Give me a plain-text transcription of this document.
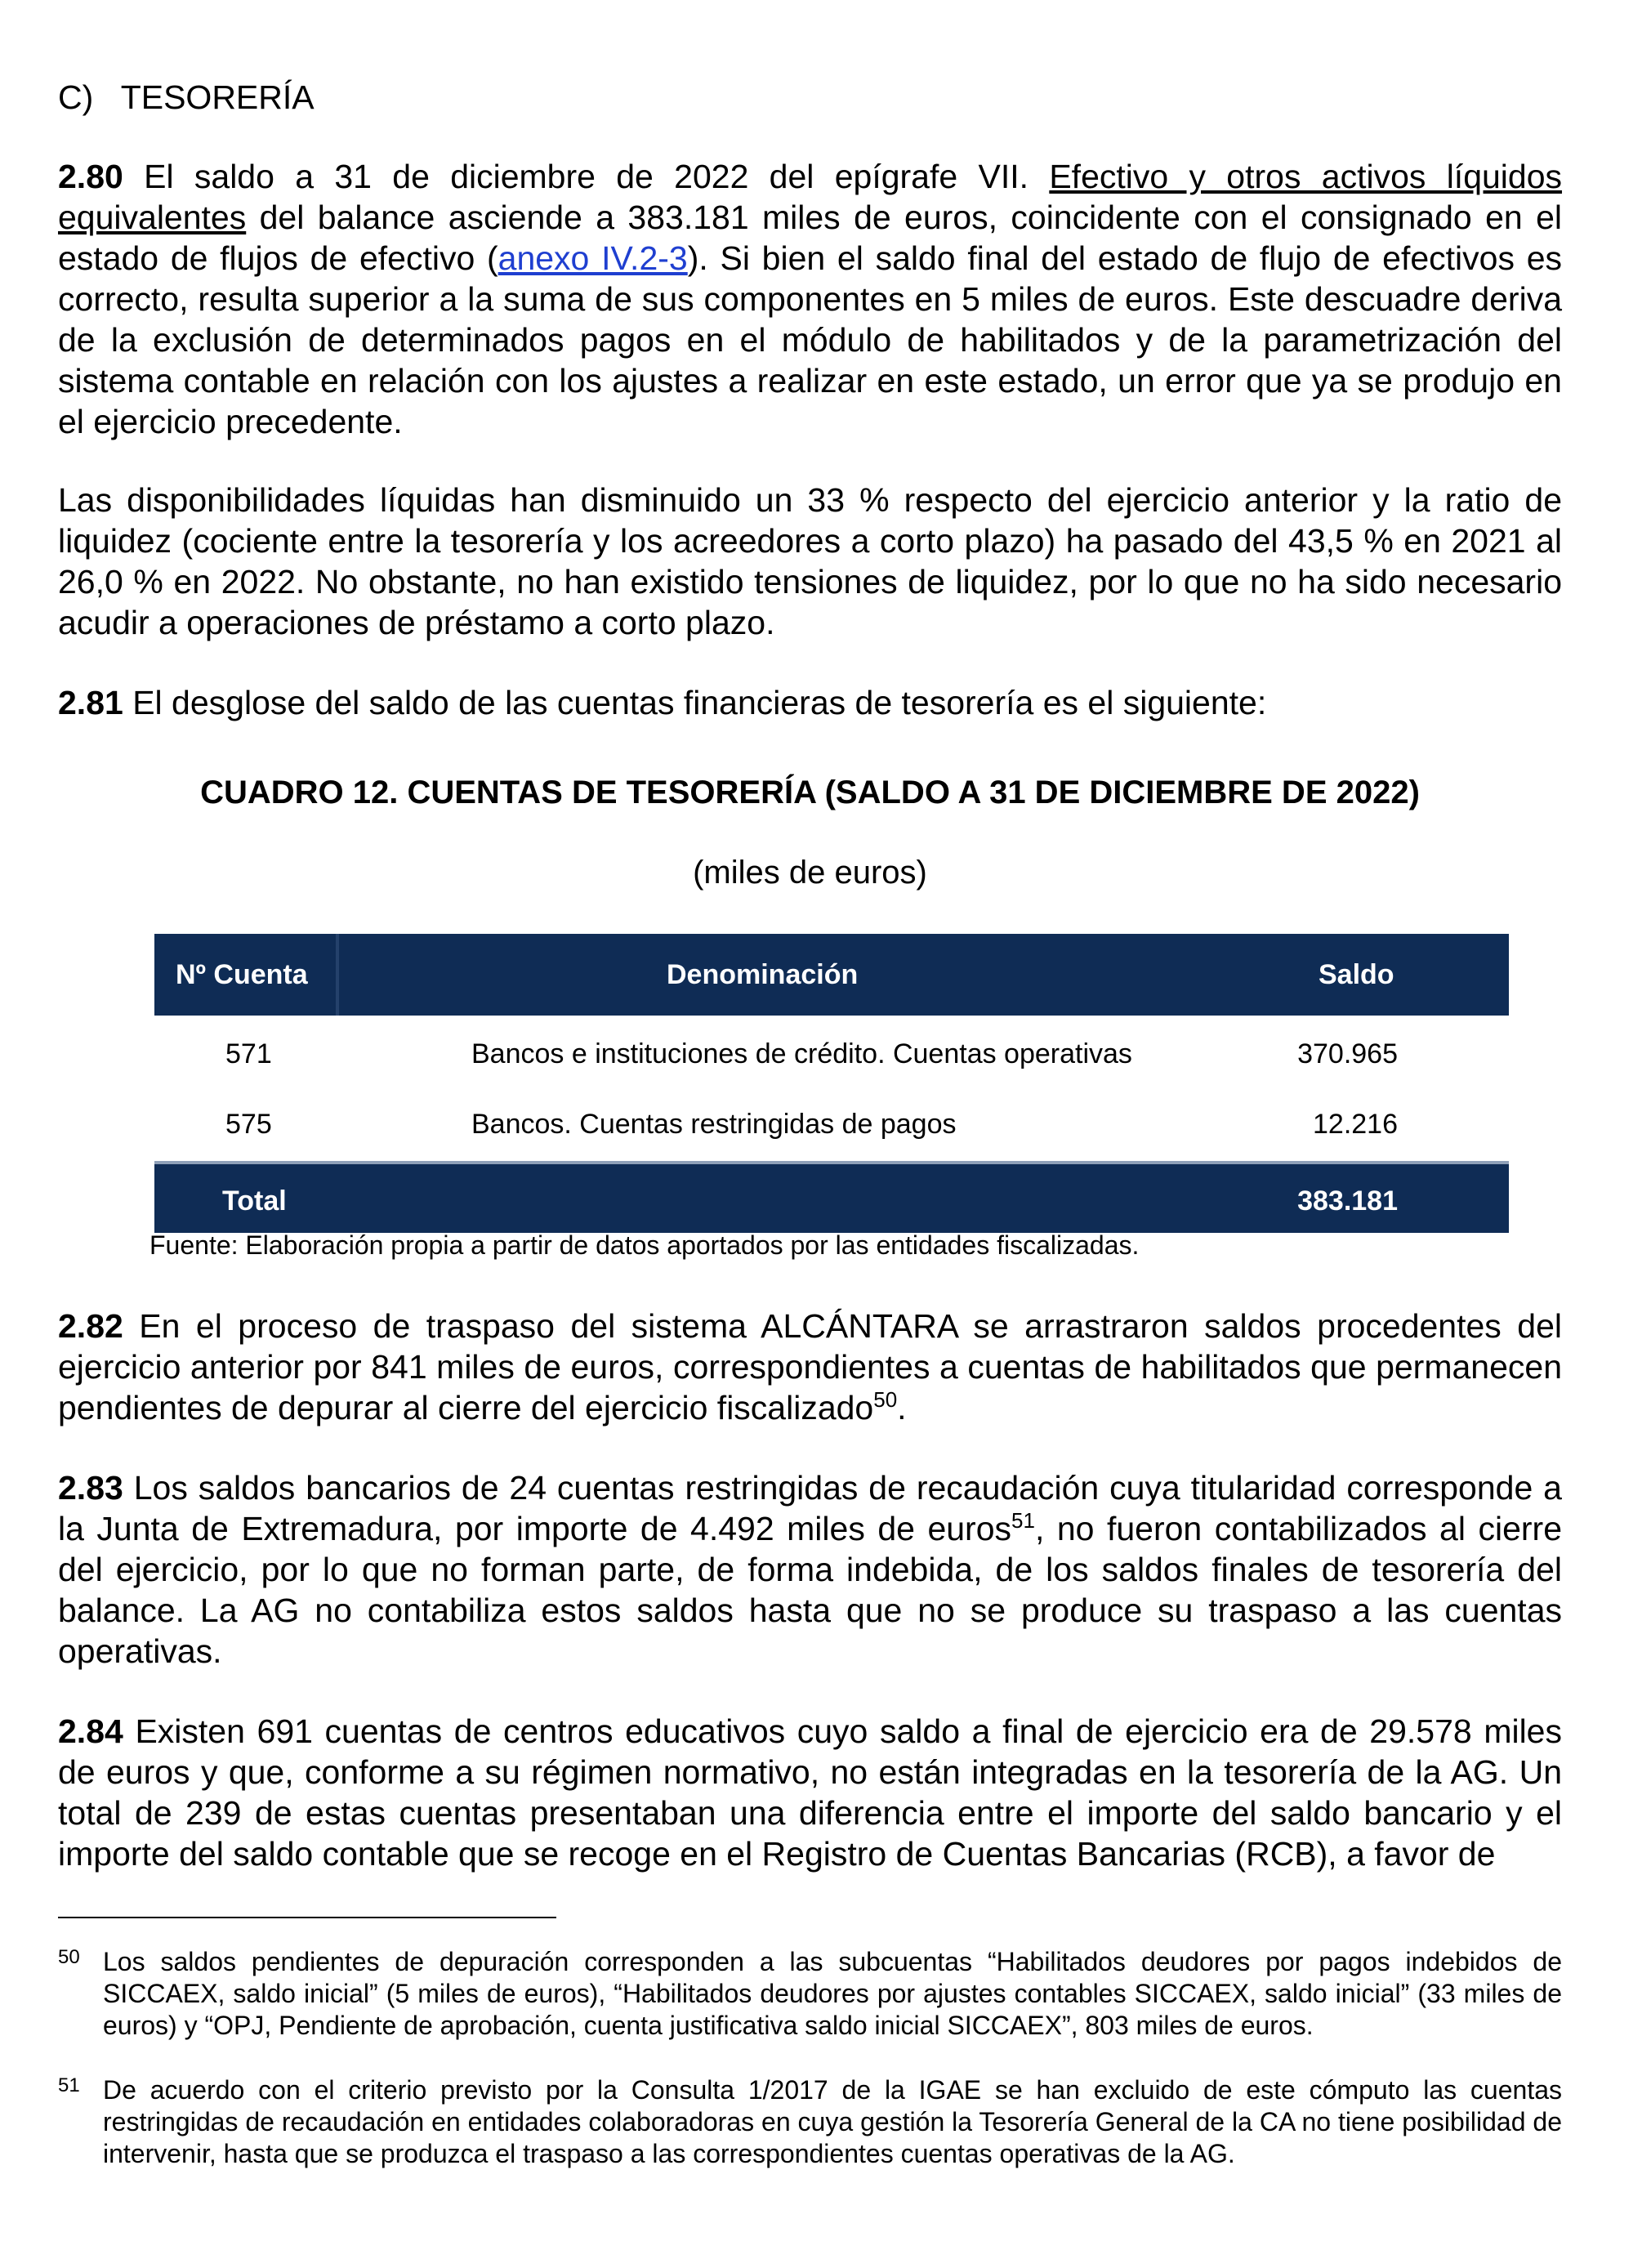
C)   TESORERÍA

2.80 El saldo a 31 de diciembre de 2022 del epígrafe VII. Efectivo y otros activos líquidos equivalentes del balance asciende a 383.181 miles de euros, coincidente con el consignado en el estado de flujos de efectivo (anexo IV.2-3). Si bien el saldo final del estado de flujo de efectivos es correcto, resulta superior a la suma de sus componentes en 5 miles de euros. Este descuadre deriva de la exclusión de determinados pagos en el módulo de habilitados y de la parametrización del sistema contable en relación con los ajustes a realizar en este estado, un error que ya se produjo en el ejercicio precedente.

Las disponibilidades líquidas han disminuido un 33 % respecto del ejercicio anterior y la ratio de liquidez (cociente entre la tesorería y los acreedores a corto plazo) ha pasado del 43,5 % en 2021 al 26,0 % en 2022. No obstante, no han existido tensiones de liquidez, por lo que no ha sido necesario acudir a operaciones de préstamo a corto plazo.

2.81 El desglose del saldo de las cuentas financieras de tesorería es el siguiente:

CUADRO 12. CUENTAS DE TESORERÍA (SALDO A 31 DE DICIEMBRE DE 2022)
(miles de euros)
Nº Cuenta	Denominación	Saldo
571	Bancos e instituciones de crédito. Cuentas operativas	370.965
575	Bancos. Cuentas restringidas de pagos	12.216
Total	383.181
Fuente: Elaboración propia a partir de datos aportados por las entidades fiscalizadas.

2.82 En el proceso de traspaso del sistema ALCÁNTARA se arrastraron saldos procedentes del ejercicio anterior por 841 miles de euros, correspondientes a cuentas de habilitados que permanecen pendientes de depurar al cierre del ejercicio fiscalizado$^{50}$.

2.83 Los saldos bancarios de 24 cuentas restringidas de recaudación cuya titularidad corresponde a la Junta de Extremadura, por importe de 4.492 miles de euros$^{51}$, no fueron contabilizados al cierre del ejercicio, por lo que no forman parte, de forma indebida, de los saldos finales de tesorería del balance. La AG no contabiliza estos saldos hasta que no se produce su traspaso a las cuentas operativas.

2.84 Existen 691 cuentas de centros educativos cuyo saldo a final de ejercicio era de 29.578 miles de euros y que, conforme a su régimen normativo, no están integradas en la tesorería de la AG. Un total de 239 de estas cuentas presentaban una diferencia entre el importe del saldo bancario y el importe del saldo contable que se recoge en el Registro de Cuentas Bancarias (RCB), a favor de

50 Los saldos pendientes de depuración corresponden a las subcuentas “Habilitados deudores por pagos indebidos de SICCAEX, saldo inicial” (5 miles de euros), “Habilitados deudores por ajustes contables SICCAEX, saldo inicial” (33 miles de euros) y “OPJ, Pendiente de aprobación, cuenta justificativa saldo inicial SICCAEX”, 803 miles de euros.
51 De acuerdo con el criterio previsto por la Consulta 1/2017 de la IGAE se han excluido de este cómputo las cuentas restringidas de recaudación en entidades colaboradoras en cuya gestión la Tesorería General de la CA no tiene posibilidad de intervenir, hasta que se produzca el traspaso a las correspondientes cuentas operativas de la AG.
